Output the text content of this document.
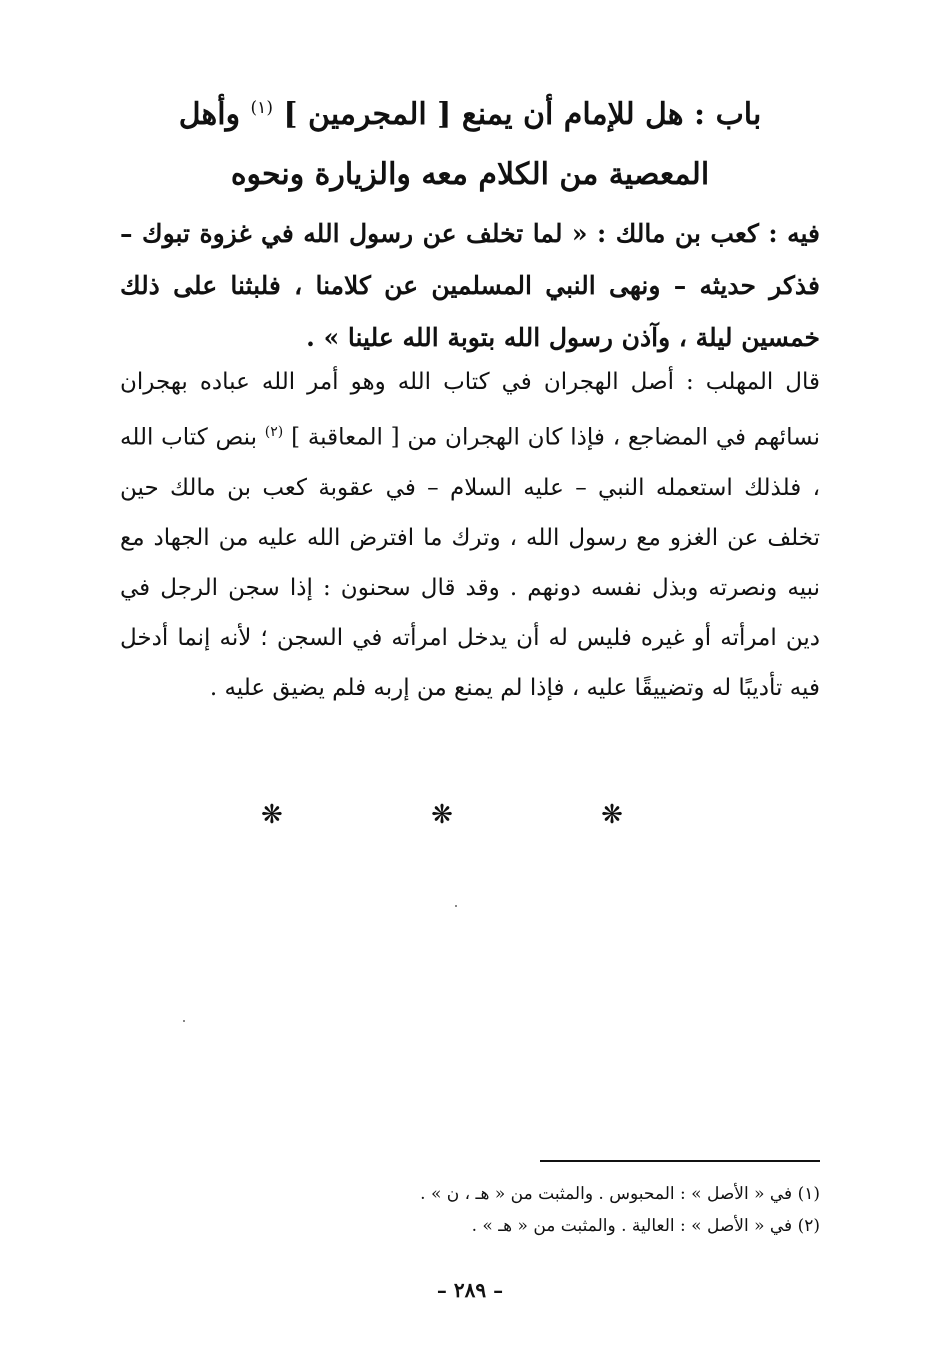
باب : هل للإمام أن يمنع [ المجرمين ] $^{(١)}$ وأهل
المعصية من الكلام معه والزيارة ونحوه

فيه : كعب بن مالك : « لما تخلف عن رسول الله في غزوة تبوك – فذكر حديثه – ونهى النبي المسلمين عن كلامنا ، فلبثنا على ذلك خمسين ليلة ، وآذن رسول الله بتوبة الله علينا » .

قال المهلب : أصل الهجران في كتاب الله وهو أمر الله عباده بهجران نسائهم في المضاجع ، فإذا كان الهجران من [ المعاقبة ] $^{(٢)}$ بنص كتاب الله ، فلذلك استعمله النبي – عليه السلام – في عقوبة كعب بن مالك حين تخلف عن الغزو مع رسول الله ، وترك ما افترض الله عليه من الجهاد مع نبيه ونصرته وبذل نفسه دونهم . وقد قال سحنون : إذا سجن الرجل في دين امرأته أو غيره فليس له أن يدخل امرأته في السجن ؛ لأنه إنما أدخل فيه تأديبًا له وتضييقًا عليه ، فإذا لم يمنع من إربه فلم يضيق عليه .

❋	❋	❋
(١) في « الأصل » : المحبوس . والمثبت من « هـ ، ن » .
(٢) في « الأصل » : العالية . والمثبت من « هـ » .
– ٢٨٩ –
